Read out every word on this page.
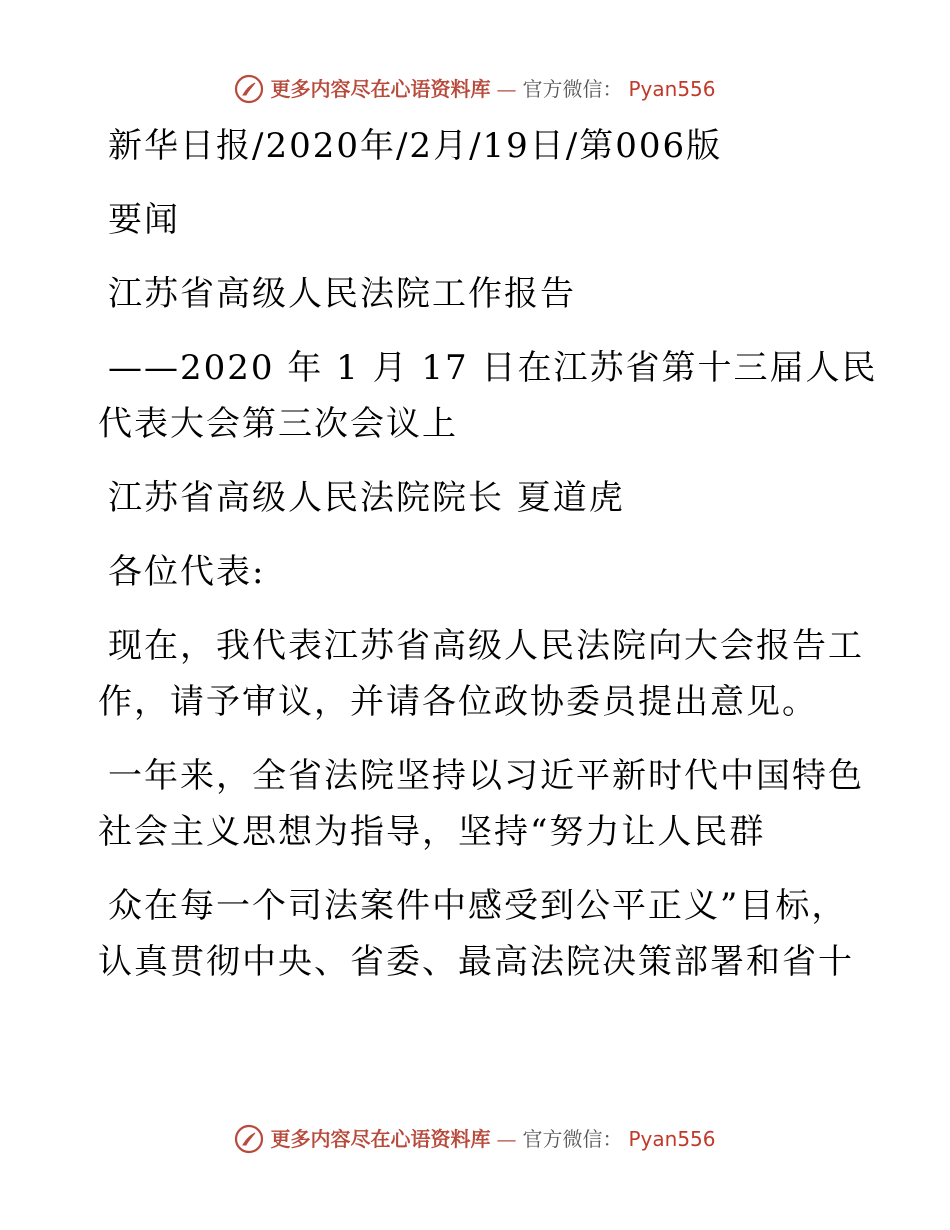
更多内容尽在心语资料库 — 官方微信： Pyan556

新华日报/2020年/2月/19日/第006版

要闻

江苏省高级人民法院工作报告

——2020 年 1 月 17 日在江苏省第十三届人民

代表大会第三次会议上

江苏省高级人民法院院长 夏道虎

各位代表:

现在，我代表江苏省高级人民法院向大会报告工

作，请予审议，并请各位政协委员提出意见。

一年来，全省法院坚持以习近平新时代中国特色

社会主义思想为指导，坚持“努力让人民群

众在每一个司法案件中感受到公平正义”目标，

认真贯彻中央、省委、最高法院决策部署和省十

更多内容尽在心语资料库 — 官方微信： Pyan556
